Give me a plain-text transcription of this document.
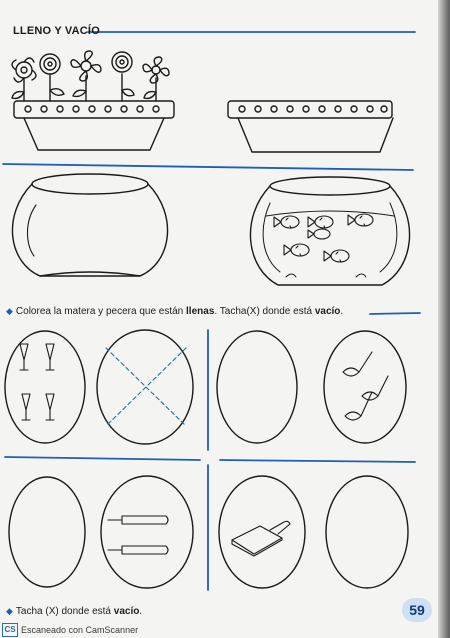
LLENO Y VACÍO
◆ Colorea la matera y pecera que están llenas. Tacha(X) donde está vacío.
◆ Tacha (X) donde está vacío.	59
CS Escaneado con CamScanner
